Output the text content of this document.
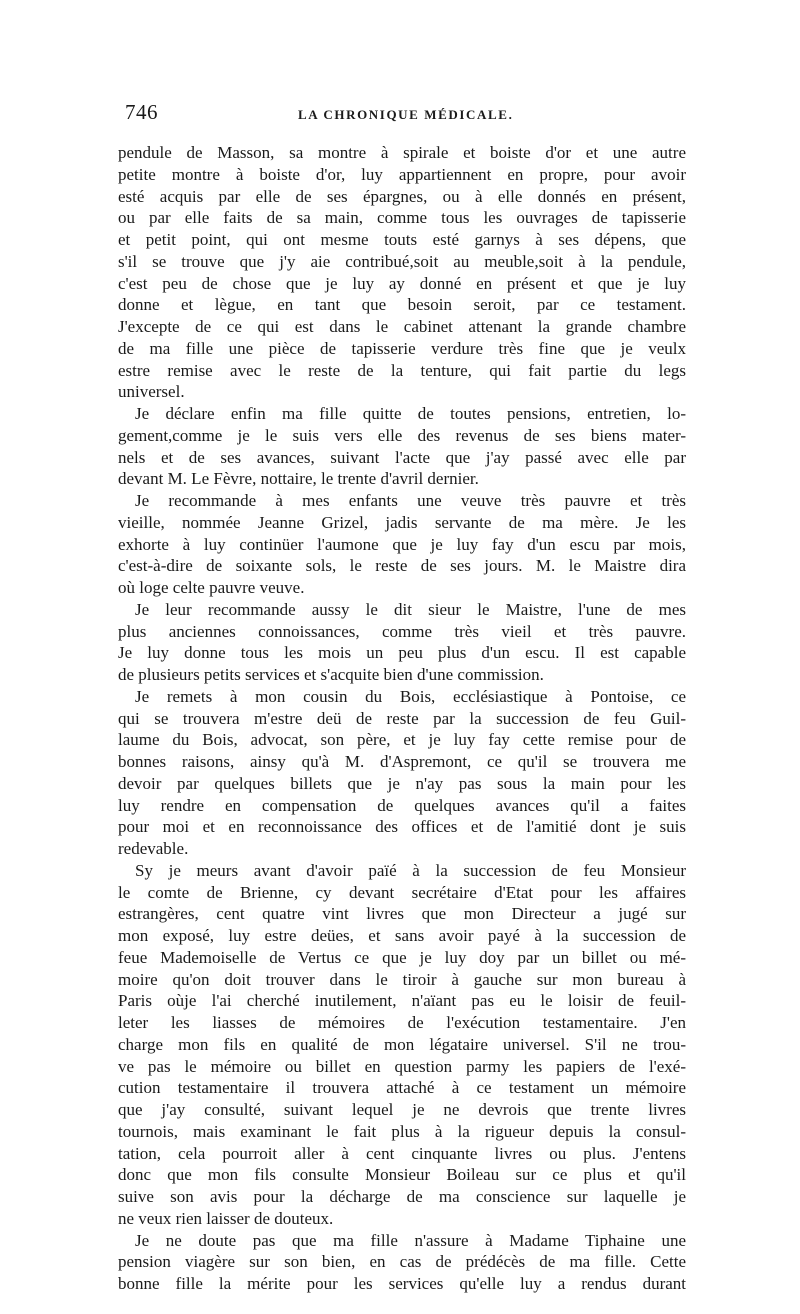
746	LA CHRONIQUE MÉDICALE.
pendule de Masson, sa montre à spirale et boiste d'or et une autre
petite montre à boiste d'or, luy appartiennent en propre, pour avoir
esté acquis par elle de ses épargnes, ou à elle donnés en présent,
ou par elle faits de sa main, comme tous les ouvrages de tapisserie
et petit point, qui ont mesme touts esté garnys à ses dépens, que
s'il se trouve que j'y aie contribué,soit au meuble,soit à la pendule,
c'est peu de chose que je luy ay donné en présent et que je luy
donne et lègue, en tant que besoin seroit, par ce testament.
J'excepte de ce qui est dans le cabinet attenant la grande chambre
de ma fille une pièce de tapisserie verdure très fine que je veulx
estre remise avec le reste de la tenture, qui fait partie du legs
universel.
Je déclare enfin ma fille quitte de toutes pensions, entretien, lo-
gement,comme je le suis vers elle des revenus de ses biens mater-
nels et de ses avances, suivant l'acte que j'ay passé avec elle par
devant M. Le Fèvre, nottaire, le trente d'avril dernier.
Je recommande à mes enfants une veuve très pauvre et très
vieille, nommée Jeanne Grizel, jadis servante de ma mère. Je les
exhorte à luy continüer l'aumone que je luy fay d'un escu par mois,
c'est-à-dire de soixante sols, le reste de ses jours. M. le Maistre dira
où loge celte pauvre veuve.
Je leur recommande aussy le dit sieur le Maistre, l'une de mes
plus anciennes connoissances, comme très vieil et très pauvre.
Je luy donne tous les mois un peu plus d'un escu. Il est capable
de plusieurs petits services et s'acquite bien d'une commission.
Je remets à mon cousin du Bois, ecclésiastique à Pontoise, ce
qui se trouvera m'estre deü de reste par la succession de feu Guil-
laume du Bois, advocat, son père, et je luy fay cette remise pour de
bonnes raisons, ainsy qu'à M. d'Aspremont, ce qu'il se trouvera me
devoir par quelques billets que je n'ay pas sous la main pour les
luy rendre en compensation de quelques avances qu'il a faites
pour moi et en reconnoissance des offices et de l'amitié dont je suis
redevable.
Sy je meurs avant d'avoir païé à la succession de feu Monsieur
le comte de Brienne, cy devant secrétaire d'Etat pour les affaires
estrangères, cent quatre vint livres que mon Directeur a jugé sur
mon exposé, luy estre deües, et sans avoir payé à la succession de
feue Mademoiselle de Vertus ce que je luy doy par un billet ou mé-
moire qu'on doit trouver dans le tiroir à gauche sur mon bureau à
Paris oùje l'ai cherché inutilement, n'aïant pas eu le loisir de feuil-
leter les liasses de mémoires de l'exécution testamentaire. J'en
charge mon fils en qualité de mon légataire universel. S'il ne trou-
ve pas le mémoire ou billet en question parmy les papiers de l'exé-
cution testamentaire il trouvera attaché à ce testament un mémoire
que j'ay consulté, suivant lequel je ne devrois que trente livres
tournois, mais examinant le fait plus à la rigueur depuis la consul-
tation, cela pourroit aller à cent cinquante livres ou plus. J'entens
donc que mon fils consulte Monsieur Boileau sur ce plus et qu'il
suive son avis pour la décharge de ma conscience sur laquelle je
ne veux rien laisser de douteux.
Je ne doute pas que ma fille n'assure à Madame Tiphaine une
pension viagère sur son bien, en cas de prédécès de ma fille. Cette
bonne fille la mérite pour les services qu'elle luy a rendus durant
